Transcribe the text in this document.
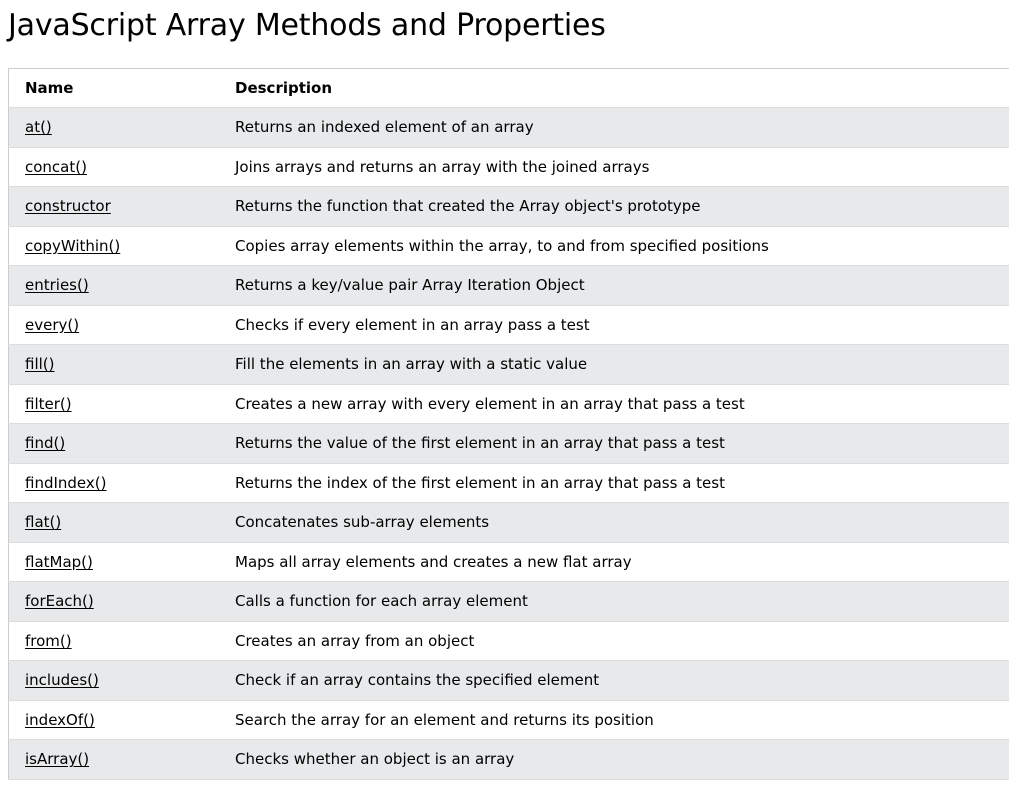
JavaScript Array Methods and Properties
Name	Description
at()	Returns an indexed element of an array
concat()	Joins arrays and returns an array with the joined arrays
constructor	Returns the function that created the Array object's prototype
copyWithin()	Copies array elements within the array, to and from specified positions
entries()	Returns a key/value pair Array Iteration Object
every()	Checks if every element in an array pass a test
fill()	Fill the elements in an array with a static value
filter()	Creates a new array with every element in an array that pass a test
find()	Returns the value of the first element in an array that pass a test
findIndex()	Returns the index of the first element in an array that pass a test
flat()	Concatenates sub-array elements
flatMap()	Maps all array elements and creates a new flat array
forEach()	Calls a function for each array element
from()	Creates an array from an object
includes()	Check if an array contains the specified element
indexOf()	Search the array for an element and returns its position
isArray()	Checks whether an object is an array
